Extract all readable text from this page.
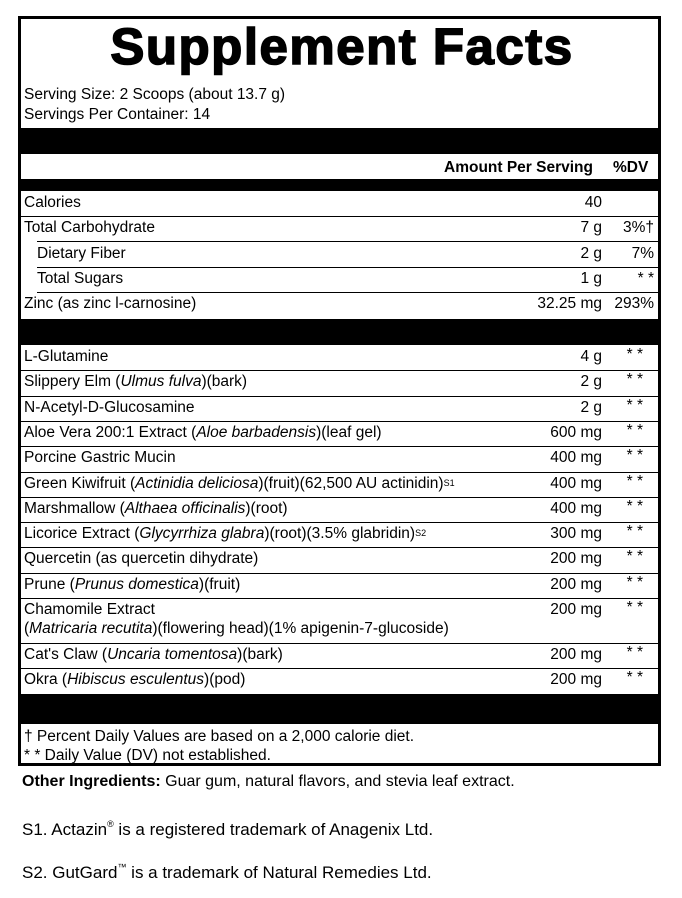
Supplement Facts
Serving Size: 2 Scoops (about 13.7 g)
Servings Per Container: 14
Amount Per Serving %DV
Calories	40
Total Carbohydrate	7 g	3%†
Dietary Fiber	2 g	7%
Total Sugars	1 g	* *
Zinc (as zinc l-carnosine)	32.25 mg 293%
L-Glutamine	4 g	* *
Slippery Elm (Ulmus fulva)(bark)	2 g	* *
N-Acetyl-D-Glucosamine	2 g	* *
Aloe Vera 200:1 Extract (Aloe barbadensis)(leaf gel)	600 mg	* *
Porcine Gastric Mucin	400 mg	* *
Green Kiwifruit (Actinidia deliciosa)(fruit)(62,500 AU actinidin)$^{S1}$	400 mg	* *
Marshmallow (Althaea officinalis)(root)	400 mg	* *
Licorice Extract (Glycyrrhiza glabra)(root)(3.5% glabridin)$^{S2}$	300 mg	* *
Quercetin (as quercetin dihydrate)	200 mg	* *
Prune (Prunus domestica)(fruit)	200 mg	* *
Chamomile Extract	200 mg	* *
(Matricaria recutita)(flowering head)(1% apigenin-7-glucoside)
Cat's Claw (Uncaria tomentosa)(bark)	200 mg	* *
Okra (Hibiscus esculentus)(pod)	200 mg	* *
† Percent Daily Values are based on a 2,000 calorie diet.
* * Daily Value (DV) not established.
Other Ingredients: Guar gum, natural flavors, and stevia leaf extract.
S1. Actazin® is a registered trademark of Anagenix Ltd.
S2. GutGard™ is a trademark of Natural Remedies Ltd.
